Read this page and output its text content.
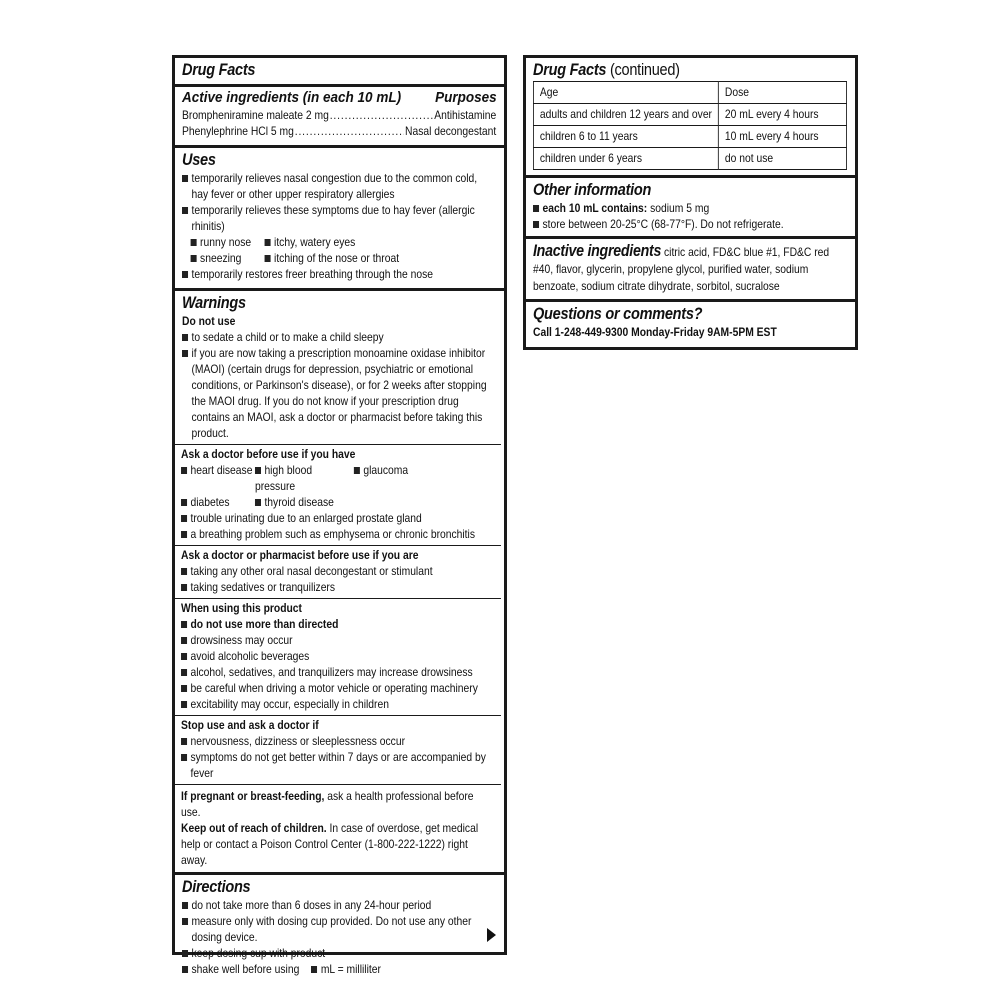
Drug Facts
Active ingredients (in each 10 mL) Purposes
Brompheniramine maleate 2 mg .....	Antihistamine
Phenylephrine HCl 5 mg .....	Nasal decongestant
Uses
temporarily relieves nasal congestion due to the common cold, hay fever or other upper respiratory allergies
temporarily relieves these symptoms due to hay fever (allergic rhinitis)
runny nose	itchy, watery eyes
sneezing	itching of the nose or throat
temporarily restores freer breathing through the nose
Warnings
Do not use
to sedate a child or to make a child sleepy
if you are now taking a prescription monoamine oxidase inhibitor (MAOI) (certain drugs for depression, psychiatric or emotional conditions, or Parkinson's disease), or for 2 weeks after stopping the MAOI drug. If you do not know if your prescription drug contains an MAOI, ask a doctor or pharmacist before taking this product.
Ask a doctor before use if you have
heart disease high blood pressure
glaucoma
diabetes	thyroid disease
trouble urinating due to an enlarged prostate gland
a breathing problem such as emphysema or chronic bronchitis
Ask a doctor or pharmacist before use if you are
taking any other oral nasal decongestant or stimulant
taking sedatives or tranquilizers
When using this product
do not use more than directed
drowsiness may occur
avoid alcoholic beverages
alcohol, sedatives, and tranquilizers may increase drowsiness
be careful when driving a motor vehicle or operating machinery
excitability may occur, especially in children
Stop use and ask a doctor if
nervousness, dizziness or sleeplessness occur
symptoms do not get better within 7 days or are accompanied by fever
If pregnant or breast-feeding, ask a health professional before use.
Keep out of reach of children. In case of overdose, get medical help or contact a Poison Control Center (1-800-222-1222) right away.
Directions
do not take more than 6 doses in any 24-hour period
measure only with dosing cup provided. Do not use any other dosing device.
keep dosing cup with product
shake well before using mL = milliliter
Drug Facts (continued)
Age	Dose
adults and children 12 years and over	20 mL every 4 hours
children 6 to 11 years	10 mL every 4 hours
children under 6 years	do not use
Other information
each 10 mL contains: sodium 5 mg
store between 20-25°C (68-77°F). Do not refrigerate.
Inactive ingredients citric acid, FD&C blue #1, FD&C red #40, flavor, glycerin, propylene glycol, purified water, sodium benzoate, sodium citrate dihydrate, sorbitol, sucralose
Questions or comments?
Call 1-248-449-9300 Monday-Friday 9AM-5PM EST
